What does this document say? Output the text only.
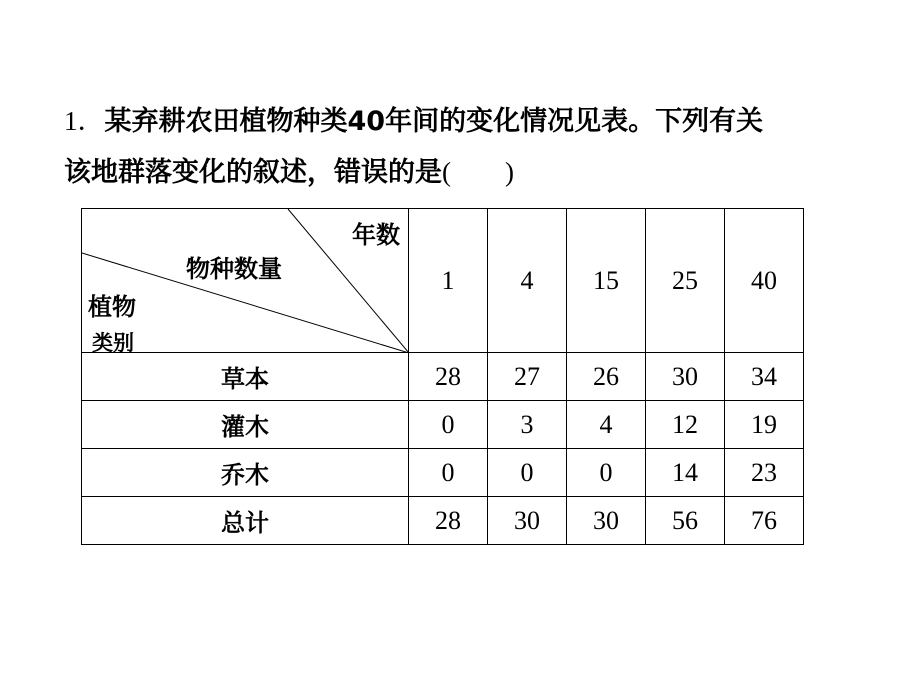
1．某弃耕农田植物种类40年间的变化情况见表。下列有关
该地群落变化的叙述，错误的是(　　)
年数
物种数量
植物
类别	1	4	15	25	40
草本	28	27	26	30	34
灌木	0	3	4	12	19
乔木	0	0	0	14	23
总计	28	30	30	56	76
